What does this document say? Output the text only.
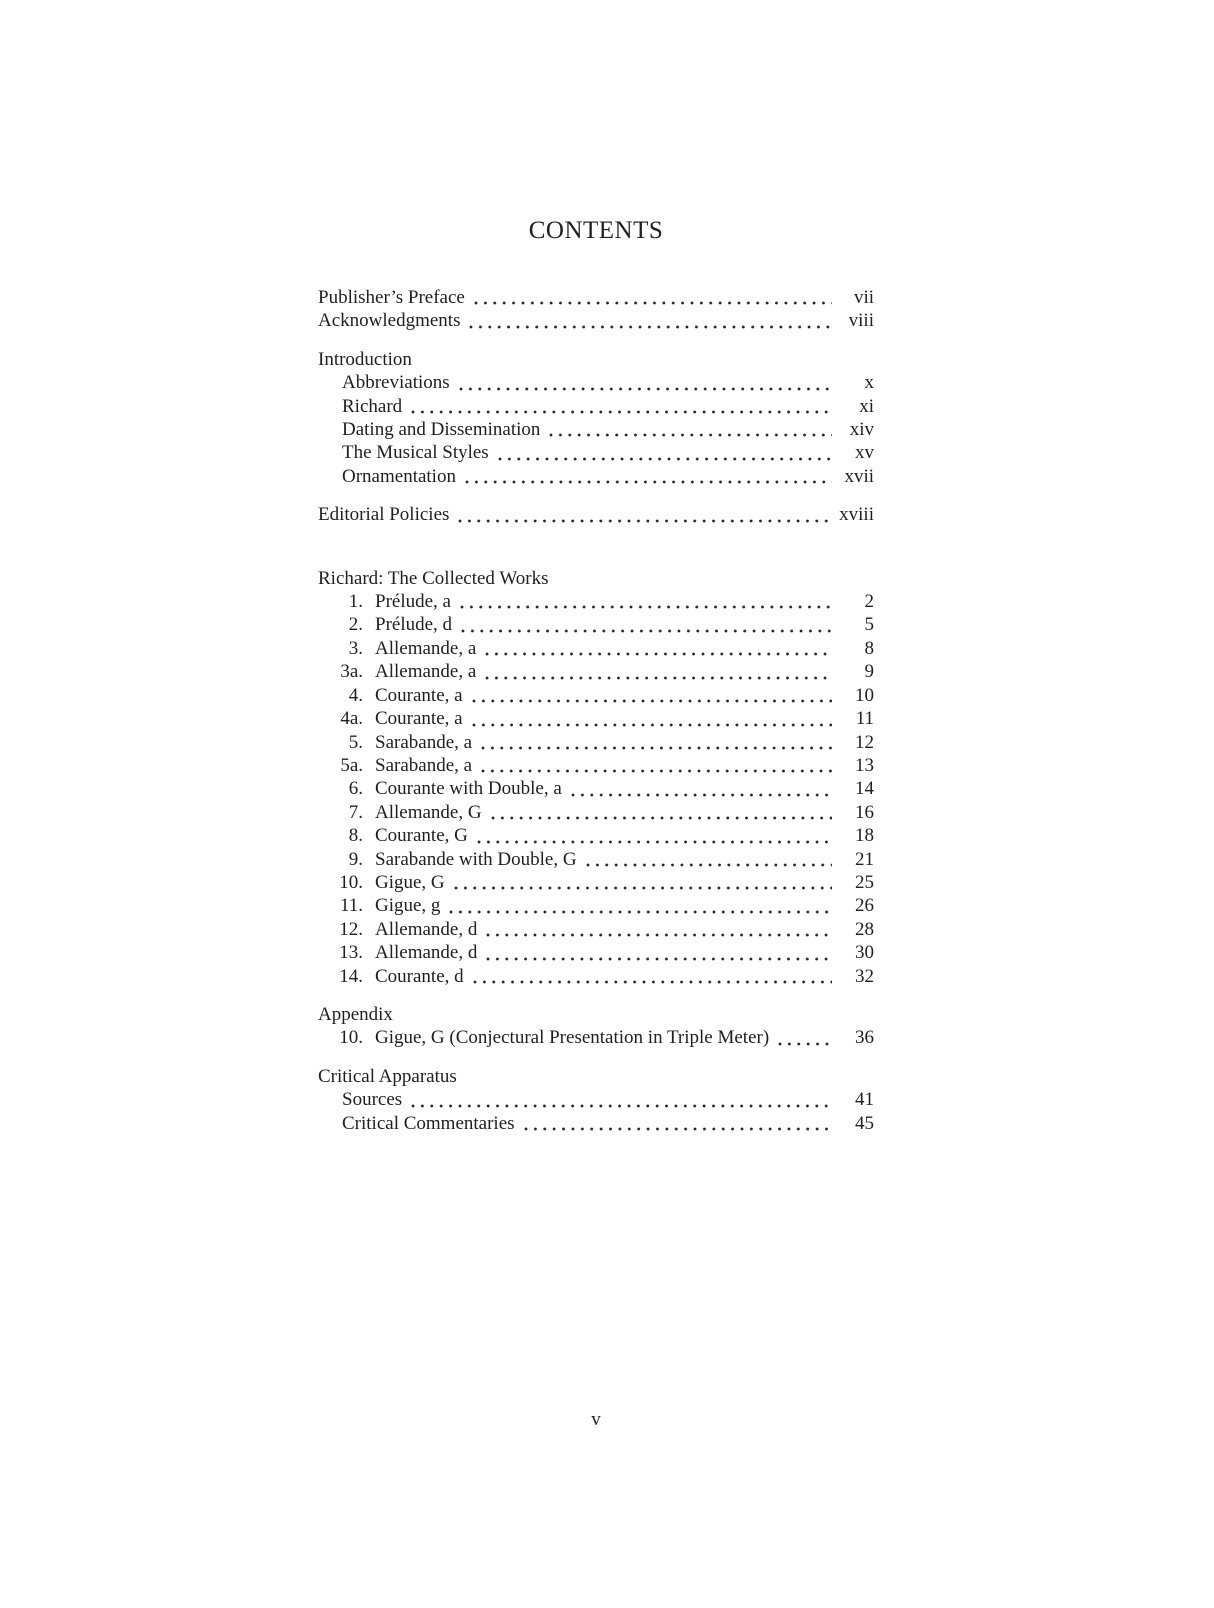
CONTENTS
Publisher’s Preface	vii
Acknowledgments	viii
Introduction
Abbreviations	x
Richard	xi
Dating and Dissemination	xiv
The Musical Styles	xv
Ornamentation	xvii
Editorial Policies	xviii
Richard: The Collected Works
1. Prélude, a	2
2. Prélude, d	5
3. Allemande, a	8
3a. Allemande, a	9
4. Courante, a	10
4a. Courante, a	11
5. Sarabande, a	12
5a. Sarabande, a	13
6. Courante with Double, a	14
7. Allemande, G	16
8. Courante, G	18
9. Sarabande with Double, G	21
10. Gigue, G	25
11. Gigue, g	26
12. Allemande, d	28
13. Allemande, d	30
14. Courante, d	32
Appendix
10. Gigue, G (Conjectural Presentation in Triple Meter)	36
Critical Apparatus
Sources	41
Critical Commentaries	45
v
